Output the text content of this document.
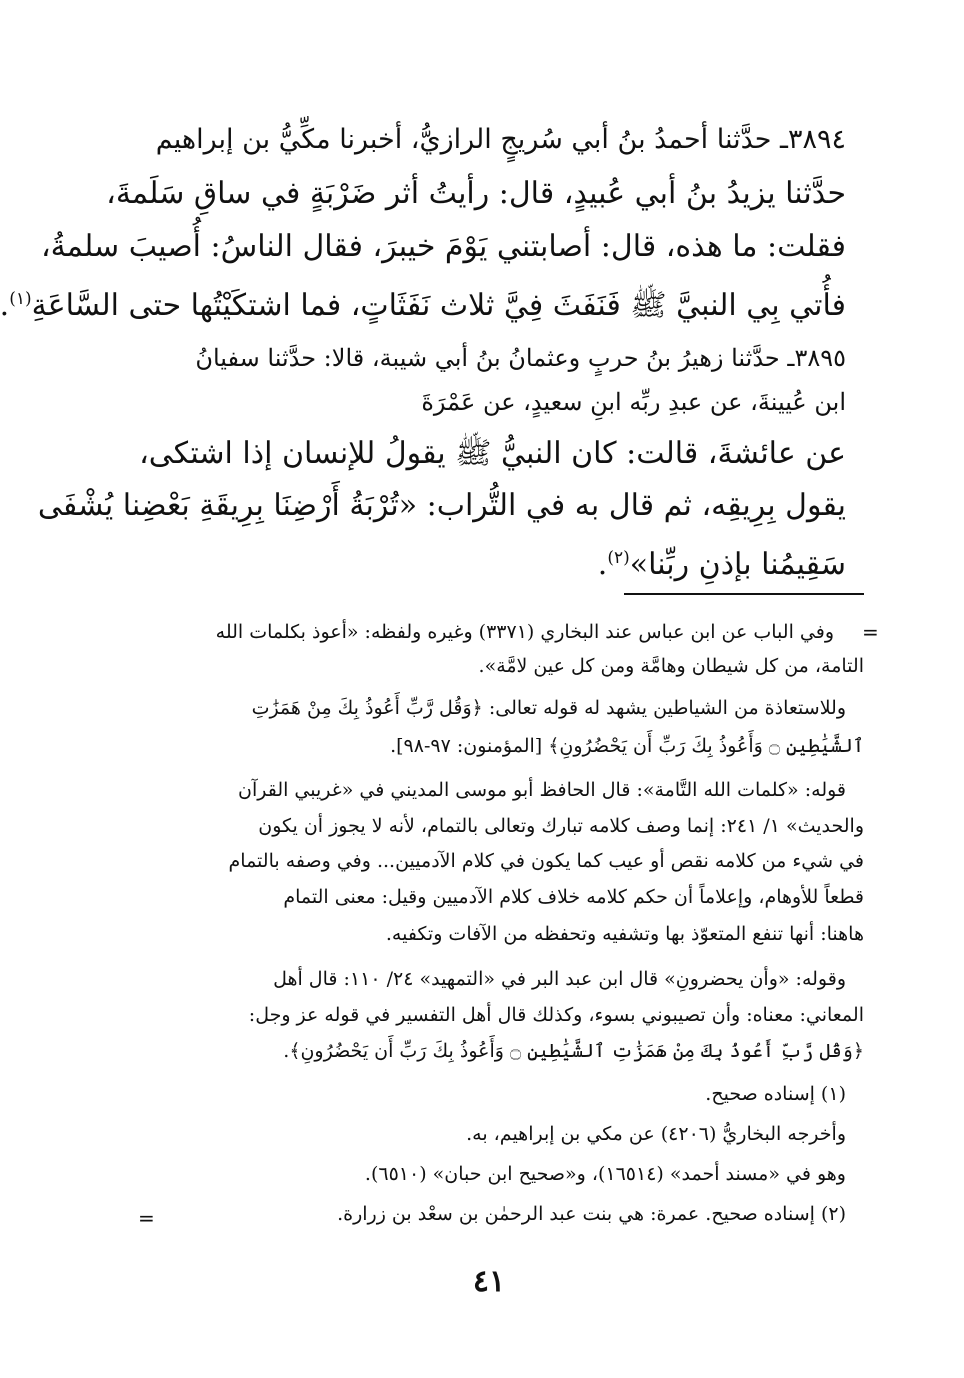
٣٨٩٤ـ حدَّثنا أحمدُ بنُ أبي سُريجٍ الرازيُّ، أخبرنا مكِّيُّ بن إبراهيم
حدَّثنا يزيدُ بنُ أبي عُبيدٍ، قال: رأيتُ أثر ضَرْبَةٍ في ساقِ سَلَمةَ،
فقلت: ما هذه، قال: أصابتني يَوْمَ خيبرَ، فقال الناسُ: أُصيبَ سلمةُ،
فأُتي بِي النبيَّ ﷺ فَنَفَثَ فِيَّ ثلاث نَفَثَاتٍ، فما اشتكَيْتُها حتى السَّاعَةِ$^{(١)}$.
٣٨٩٥ـ حدَّثنا زهيرُ بنُ حربٍ وعثمانُ بنُ أبي شيبة، قالا: حدَّثنا سفيانُ
ابن عُيينةَ، عن عبدِ ربِّه ابنِ سعيدٍ، عن عَمْرَةَ
عن عائشةَ، قالت: كان النبيُّ ﷺ يقولُ للإنسان إذا اشتكى،
يقول بِرِيقِه، ثم قال به في التُّراب: «تُرْبَةُ أَرْضِنَا بِرِيقَةِ بَعْضِنا يُشْفَى
سَقِيمُنا بإذنِ ربِّنا»$^{(٢)}$.
=
وفي الباب عن ابن عباس عند البخاري (٣٣٧١) وغيره ولفظه: «أعوذ بكلمات الله
التامة، من كل شيطان وهامَّة ومن كل عين لامَّة».
وللاستعاذة من الشياطين يشهد له قوله تعالى: ﴿وَقُل رَّبِّ أَعُوذُ بِكَ مِنْ هَمَزَٰتِ
ٱلشَّيَٰطِينِ ۝ وَأَعُوذُ بِكَ رَبِّ أَن يَحْضُرُونِ﴾ [المؤمنون: ٩٧-٩٨].
قوله: «كلمات الله التَّامة»: قال الحافظ أبو موسى المديني في «غريبي القرآن
والحديث» ١/ ٢٤١: إنما وصف كلامه تبارك وتعالى بالتمام، لأنه لا يجوز أن يكون
في شيء من كلامه نقص أو عيب كما يكون في كلام الآدميين... وفي وصفه بالتمام
قطعاً للأوهام، وإعلاماً أن حكم كلامه خلاف كلام الآدميين وقيل: معنى التمام
هاهنا: أنها تنفع المتعوّذ بها وتشفيه وتحفظه من الآفات وتكفيه.
وقوله: «وأن يحضرونِ» قال ابن عبد البر في «التمهيد» ٢٤/ ١١٠: قال أهل
المعاني: معناه: وأن تصيبوني بسوء، وكذلك قال أهل التفسير في قوله عز وجل:
﴿وَقُل رَّبِّ أَعُوذُ بِكَ مِنْ هَمَزَٰتِ ٱلشَّيَٰطِينِ ۝ وَأَعُوذُ بِكَ رَبِّ أَن يَحْضُرُونِ﴾.
(١) إسناده صحيح.
وأخرجه البخاريُّ (٤٢٠٦) عن مكي بن إبراهيم، به.
وهو في «مسند أحمد» (١٦٥١٤)، و«صحيح ابن حبان» (٦٥١٠).
(٢) إسناده صحيح. عمرة: هي بنت عبد الرحمٰن بن سعْد بن زرارة.
=
٤١
